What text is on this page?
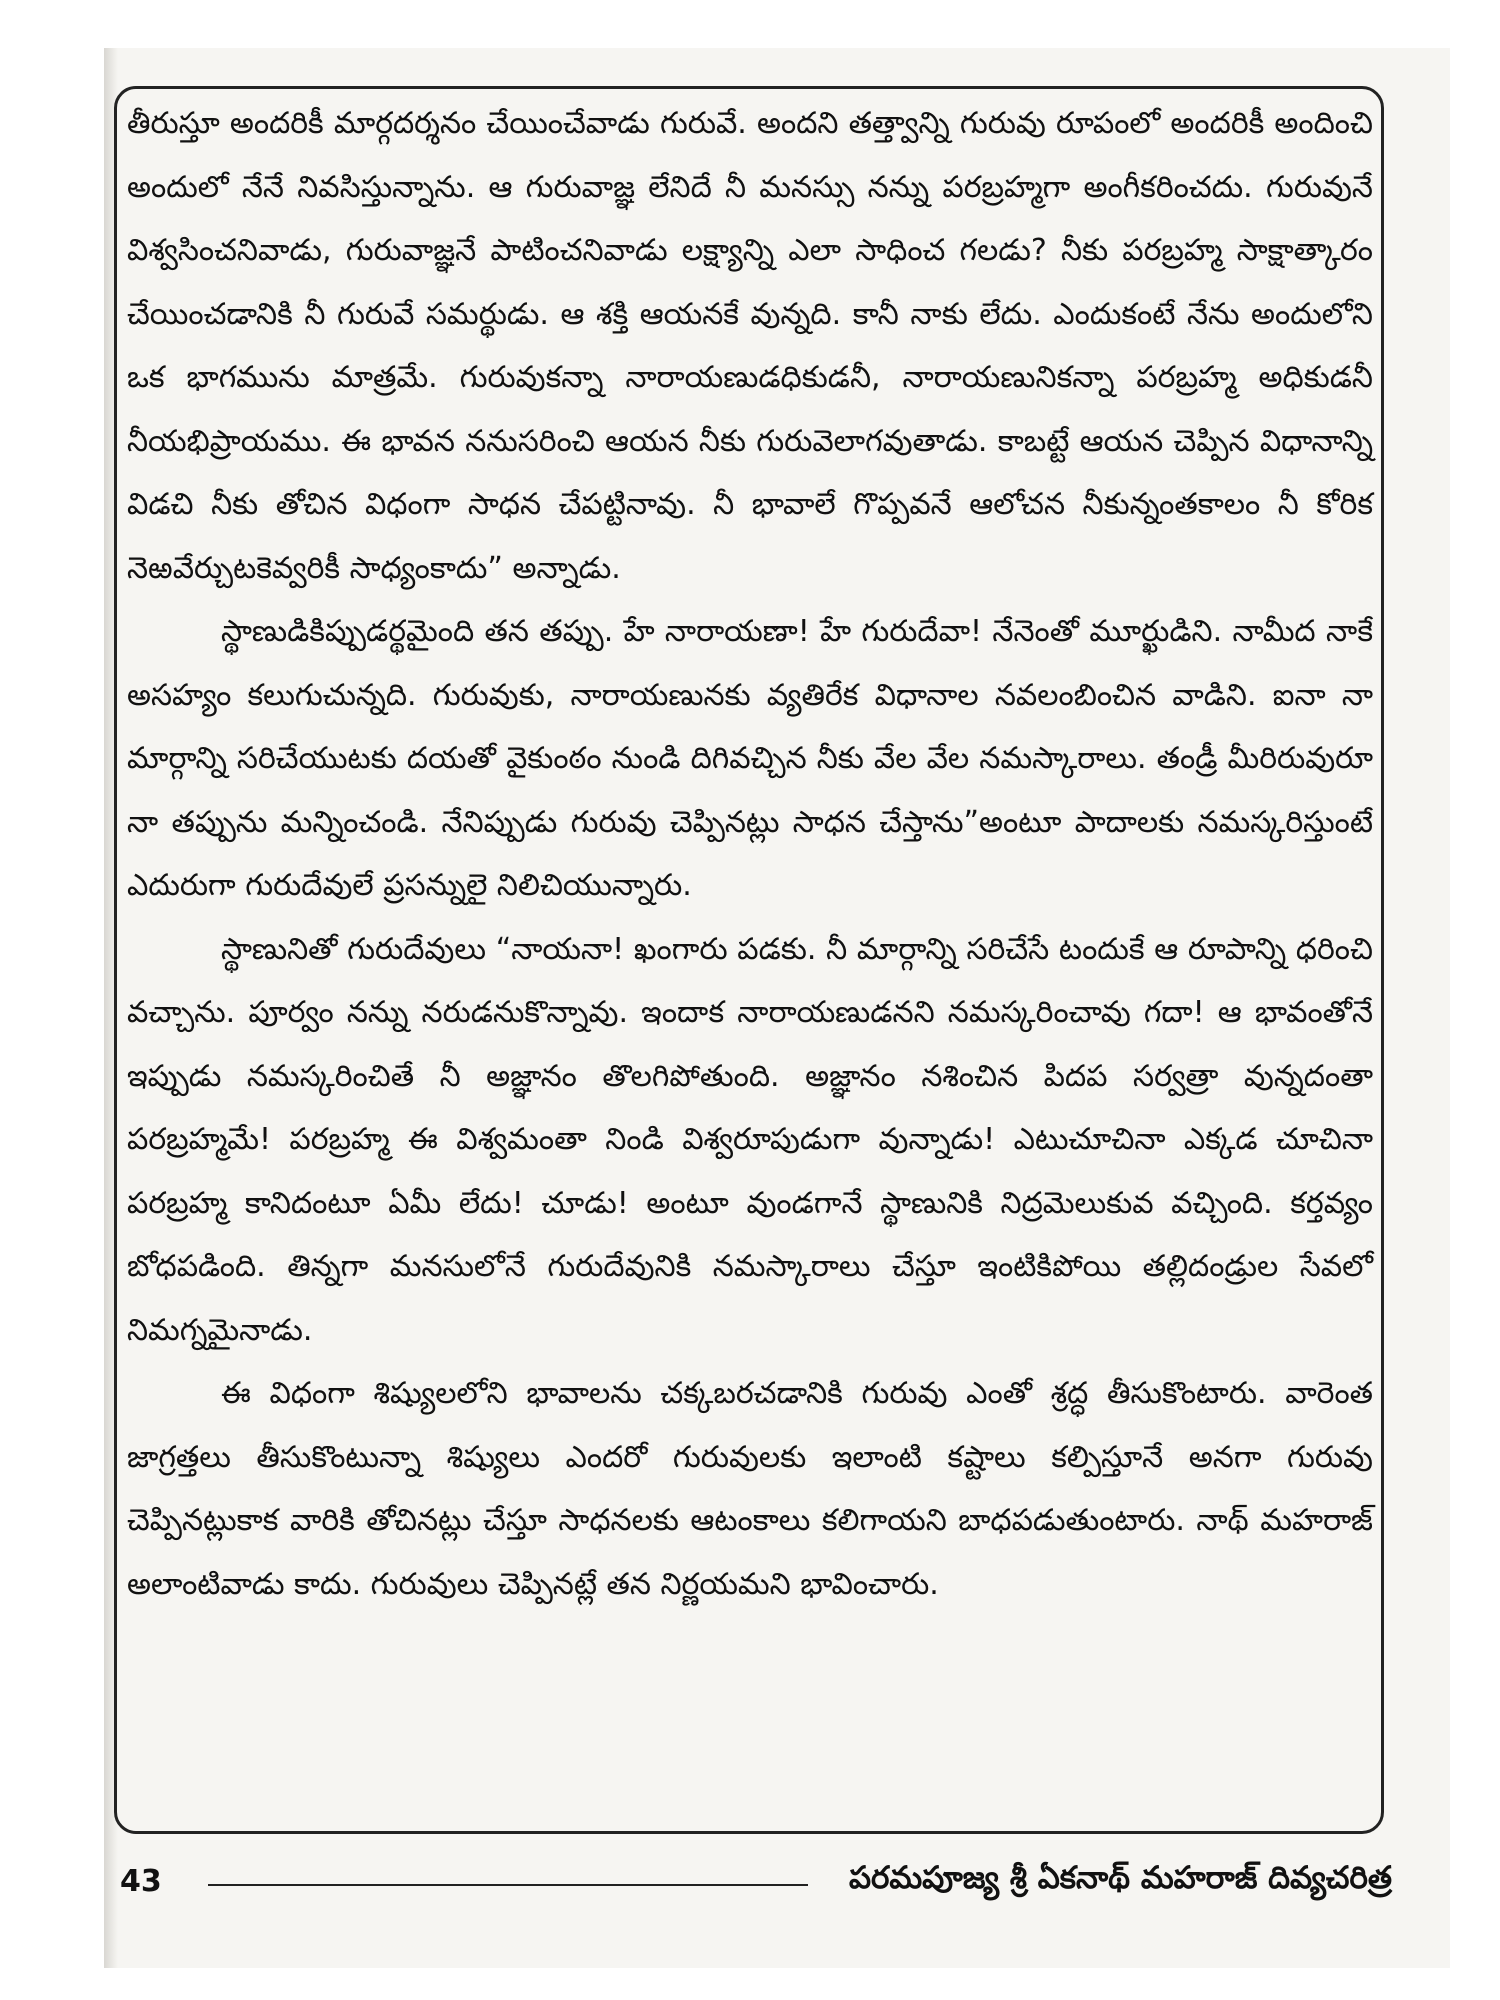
తీరుస్తూ అందరికీ మార్గదర్శనం చేయించేవాడు గురువే. అందని తత్త్వాన్ని గురువు రూపంలో అందరికీ అందించి అందులో నేనే నివసిస్తున్నాను. ఆ గురువాజ్ఞ లేనిదే నీ మనస్సు నన్ను పరబ్రహ్మగా అంగీకరించదు. గురువునే విశ్వసించనివాడు, గురువాజ్ఞనే పాటించనివాడు లక్ష్యాన్ని ఎలా సాధించ గలడు? నీకు పరబ్రహ్మ సాక్షాత్కారం చేయించడానికి నీ గురువే సమర్థుడు. ఆ శక్తి ఆయనకే వున్నది. కానీ నాకు లేదు. ఎందుకంటే నేను అందులోని ఒక భాగమును మాత్రమే. గురువుకన్నా నారాయణుడధికుడనీ, నారాయణునికన్నా పరబ్రహ్మ అధికుడనీ నీయభిప్రాయము. ఈ భావన ననుసరించి ఆయన నీకు గురువెలాగవుతాడు. కాబట్టే ఆయన చెప్పిన విధానాన్ని విడచి నీకు తోచిన విధంగా సాధన చేపట్టినావు. నీ భావాలే గొప్పవనే ఆలోచన నీకున్నంతకాలం నీ కోరిక నెఱవేర్చుటకెవ్వరికీ సాధ్యంకాదు” అన్నాడు.

స్థాణుడికిప్పుడర్థమైంది తన తప్పు. హే నారాయణా! హే గురుదేవా! నేనెంతో మూర్ఖుడిని. నామీద నాకే అసహ్యం కలుగుచున్నది. గురువుకు, నారాయణునకు వ్యతిరేక విధానాల నవలంబించిన వాడిని. ఐనా నా మార్గాన్ని సరిచేయుటకు దయతో వైకుంఠం నుండి దిగివచ్చిన నీకు వేల వేల నమస్కారాలు. తండ్రీ మీరిరువురూ నా తప్పును మన్నించండి. నేనిప్పుడు గురువు చెప్పినట్లు సాధన చేస్తాను”అంటూ పాదాలకు నమస్కరిస్తుంటే ఎదురుగా గురుదేవులే ప్రసన్నులై నిలిచియున్నారు.

స్థాణునితో గురుదేవులు “నాయనా! ఖంగారు పడకు. నీ మార్గాన్ని సరిచేసే టందుకే ఆ రూపాన్ని ధరించి వచ్చాను. పూర్వం నన్ను నరుడనుకొన్నావు. ఇందాక నారాయణుడనని నమస్కరించావు గదా! ఆ భావంతోనే ఇప్పుడు నమస్కరించితే నీ అజ్ఞానం తొలగిపోతుంది. అజ్ఞానం నశించిన పిదప సర్వత్రా వున్నదంతా పరబ్రహ్మమే! పరబ్రహ్మ ఈ విశ్వమంతా నిండి విశ్వరూపుడుగా వున్నాడు! ఎటుచూచినా ఎక్కడ చూచినా పరబ్రహ్మ కానిదంటూ ఏమీ లేదు! చూడు! అంటూ వుండగానే స్థాణునికి నిద్రమెలుకువ వచ్చింది. కర్తవ్యం బోధపడింది. తిన్నగా మనసులోనే గురుదేవునికి నమస్కారాలు చేస్తూ ఇంటికిపోయి తల్లిదండ్రుల సేవలో నిమగ్నమైనాడు.

ఈ విధంగా శిష్యులలోని భావాలను చక్కబరచడానికి గురువు ఎంతో శ్రద్ధ తీసుకొంటారు. వారెంత జాగ్రత్తలు తీసుకొంటున్నా శిష్యులు ఎందరో గురువులకు ఇలాంటి కష్టాలు కల్పిస్తూనే అనగా గురువు చెప్పినట్లుకాక వారికి తోచినట్లు చేస్తూ సాధనలకు ఆటంకాలు కలిగాయని బాధపడుతుంటారు. నాథ్ మహరాజ్ అలాంటివాడు కాదు. గురువులు చెప్పినట్లే తన నిర్ణయమని భావించారు.

43	పరమపూజ్య శ్రీ ఏకనాథ్ మహరాజ్ దివ్యచరిత్ర
